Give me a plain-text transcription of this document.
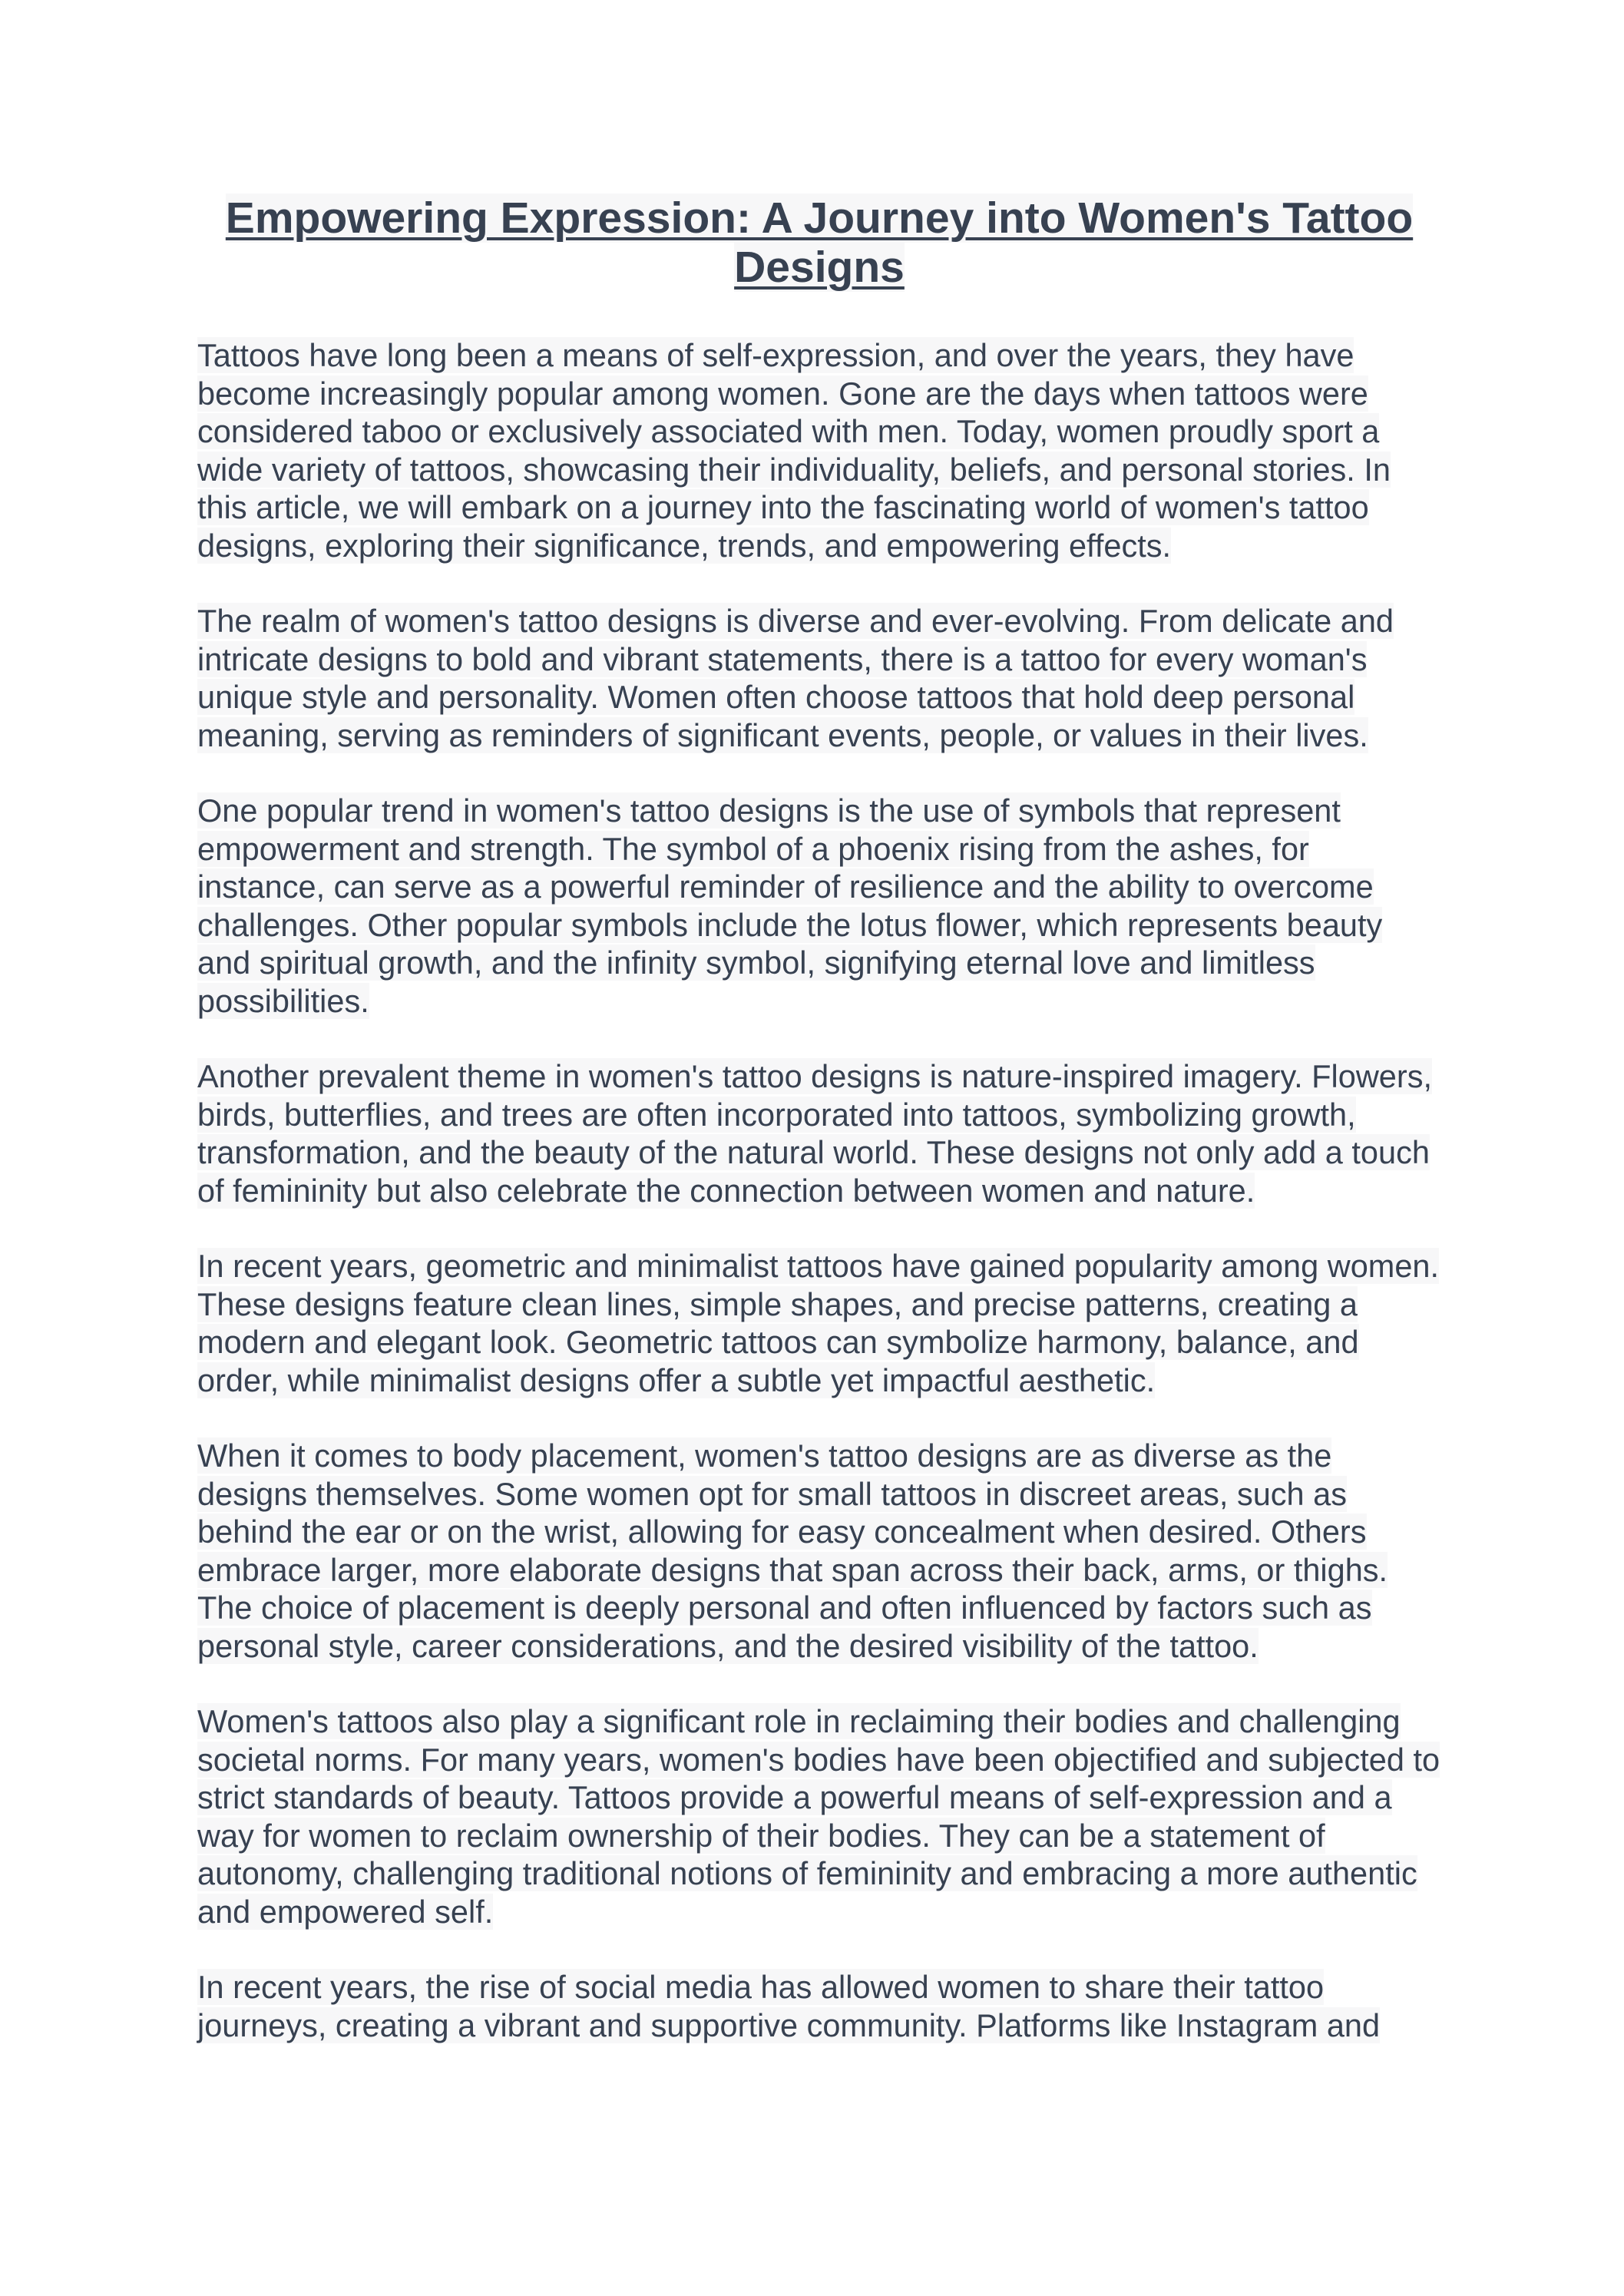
Empowering Expression: A Journey into Women's Tattoo Designs

Tattoos have long been a means of self-expression, and over the years, they have become increasingly popular among women. Gone are the days when tattoos were considered taboo or exclusively associated with men. Today, women proudly sport a wide variety of tattoos, showcasing their individuality, beliefs, and personal stories. In this article, we will embark on a journey into the fascinating world of women's tattoo designs, exploring their significance, trends, and empowering effects.

The realm of women's tattoo designs is diverse and ever-evolving. From delicate and intricate designs to bold and vibrant statements, there is a tattoo for every woman's unique style and personality. Women often choose tattoos that hold deep personal meaning, serving as reminders of significant events, people, or values in their lives.

One popular trend in women's tattoo designs is the use of symbols that represent empowerment and strength. The symbol of a phoenix rising from the ashes, for instance, can serve as a powerful reminder of resilience and the ability to overcome challenges. Other popular symbols include the lotus flower, which represents beauty and spiritual growth, and the infinity symbol, signifying eternal love and limitless possibilities.

Another prevalent theme in women's tattoo designs is nature-inspired imagery. Flowers, birds, butterflies, and trees are often incorporated into tattoos, symbolizing growth, transformation, and the beauty of the natural world. These designs not only add a touch of femininity but also celebrate the connection between women and nature.

In recent years, geometric and minimalist tattoos have gained popularity among women. These designs feature clean lines, simple shapes, and precise patterns, creating a modern and elegant look. Geometric tattoos can symbolize harmony, balance, and order, while minimalist designs offer a subtle yet impactful aesthetic.

When it comes to body placement, women's tattoo designs are as diverse as the designs themselves. Some women opt for small tattoos in discreet areas, such as behind the ear or on the wrist, allowing for easy concealment when desired. Others embrace larger, more elaborate designs that span across their back, arms, or thighs. The choice of placement is deeply personal and often influenced by factors such as personal style, career considerations, and the desired visibility of the tattoo.

Women's tattoos also play a significant role in reclaiming their bodies and challenging societal norms. For many years, women's bodies have been objectified and subjected to strict standards of beauty. Tattoos provide a powerful means of self-expression and a way for women to reclaim ownership of their bodies. They can be a statement of autonomy, challenging traditional notions of femininity and embracing a more authentic and empowered self.

In recent years, the rise of social media has allowed women to share their tattoo journeys, creating a vibrant and supportive community. Platforms like Instagram and
